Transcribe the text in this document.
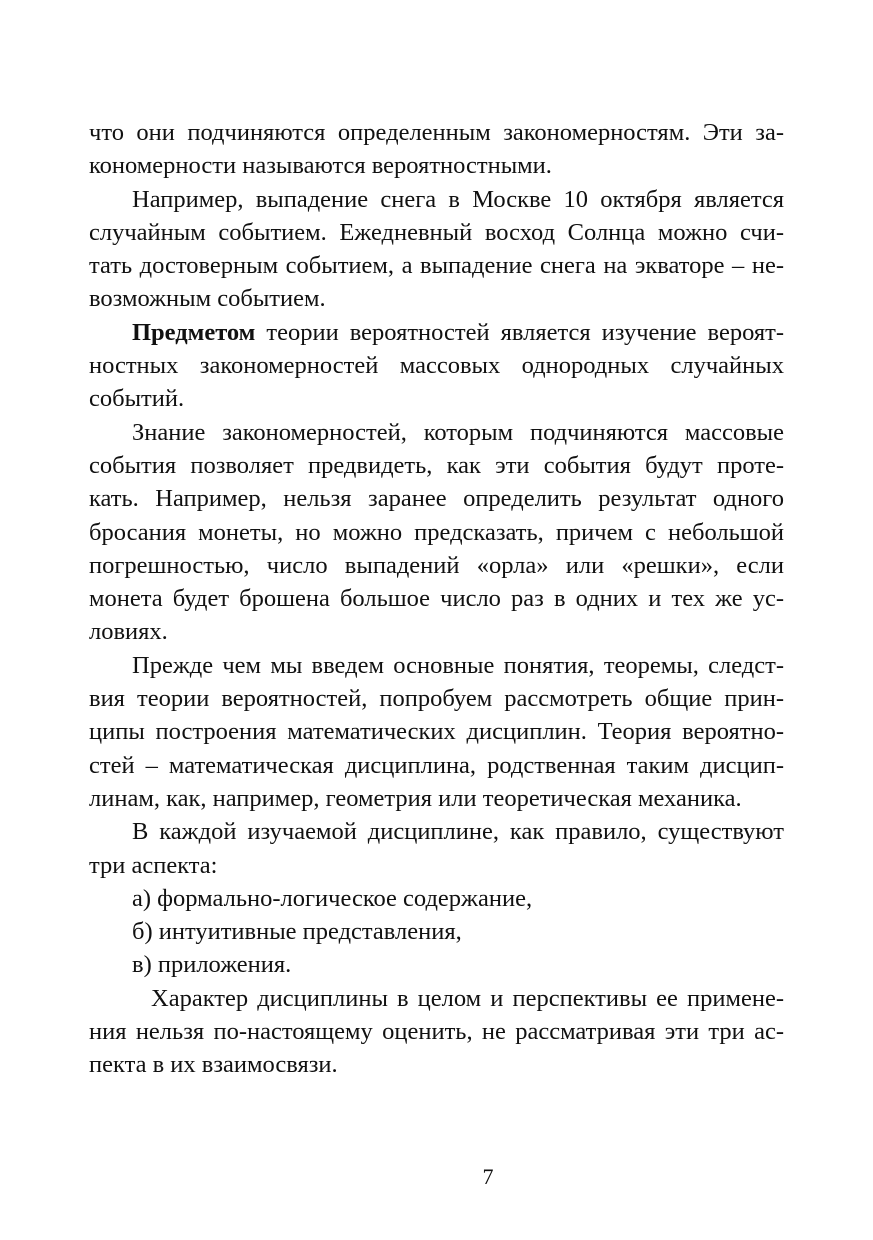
что они подчиняются определенным закономерностям. Эти за-
кономерности называются вероятностными.
Например, выпадение снега в Москве 10 октября является
случайным событием. Ежедневный восход Солнца можно счи-
тать достоверным событием, а выпадение снега на экваторе – не-
возможным событием.
Предметом теории вероятностей является изучение вероят-
ностных закономерностей массовых однородных случайных
событий.
Знание закономерностей, которым подчиняются массовые
события позволяет предвидеть, как эти события будут проте-
кать. Например, нельзя заранее определить результат одного
бросания монеты, но можно предсказать, причем с небольшой
погрешностью, число выпадений «орла» или «решки», если
монета будет брошена большое число раз в одних и тех же ус-
ловиях.
Прежде чем мы введем основные понятия, теоремы, следст-
вия теории вероятностей, попробуем рассмотреть общие прин-
ципы построения математических дисциплин. Теория вероятно-
стей – математическая дисциплина, родственная таким дисцип-
линам, как, например, геометрия или теоретическая механика.
В каждой изучаемой дисциплине, как правило, существуют
три аспекта:
а) формально-логическое содержание,
б) интуитивные представления,
в) приложения.
Характер дисциплины в целом и перспективы ее применe-
ния нельзя по-настоящему оценить, не рассматривая эти три ас-
пекта в их взаимосвязи.
7
